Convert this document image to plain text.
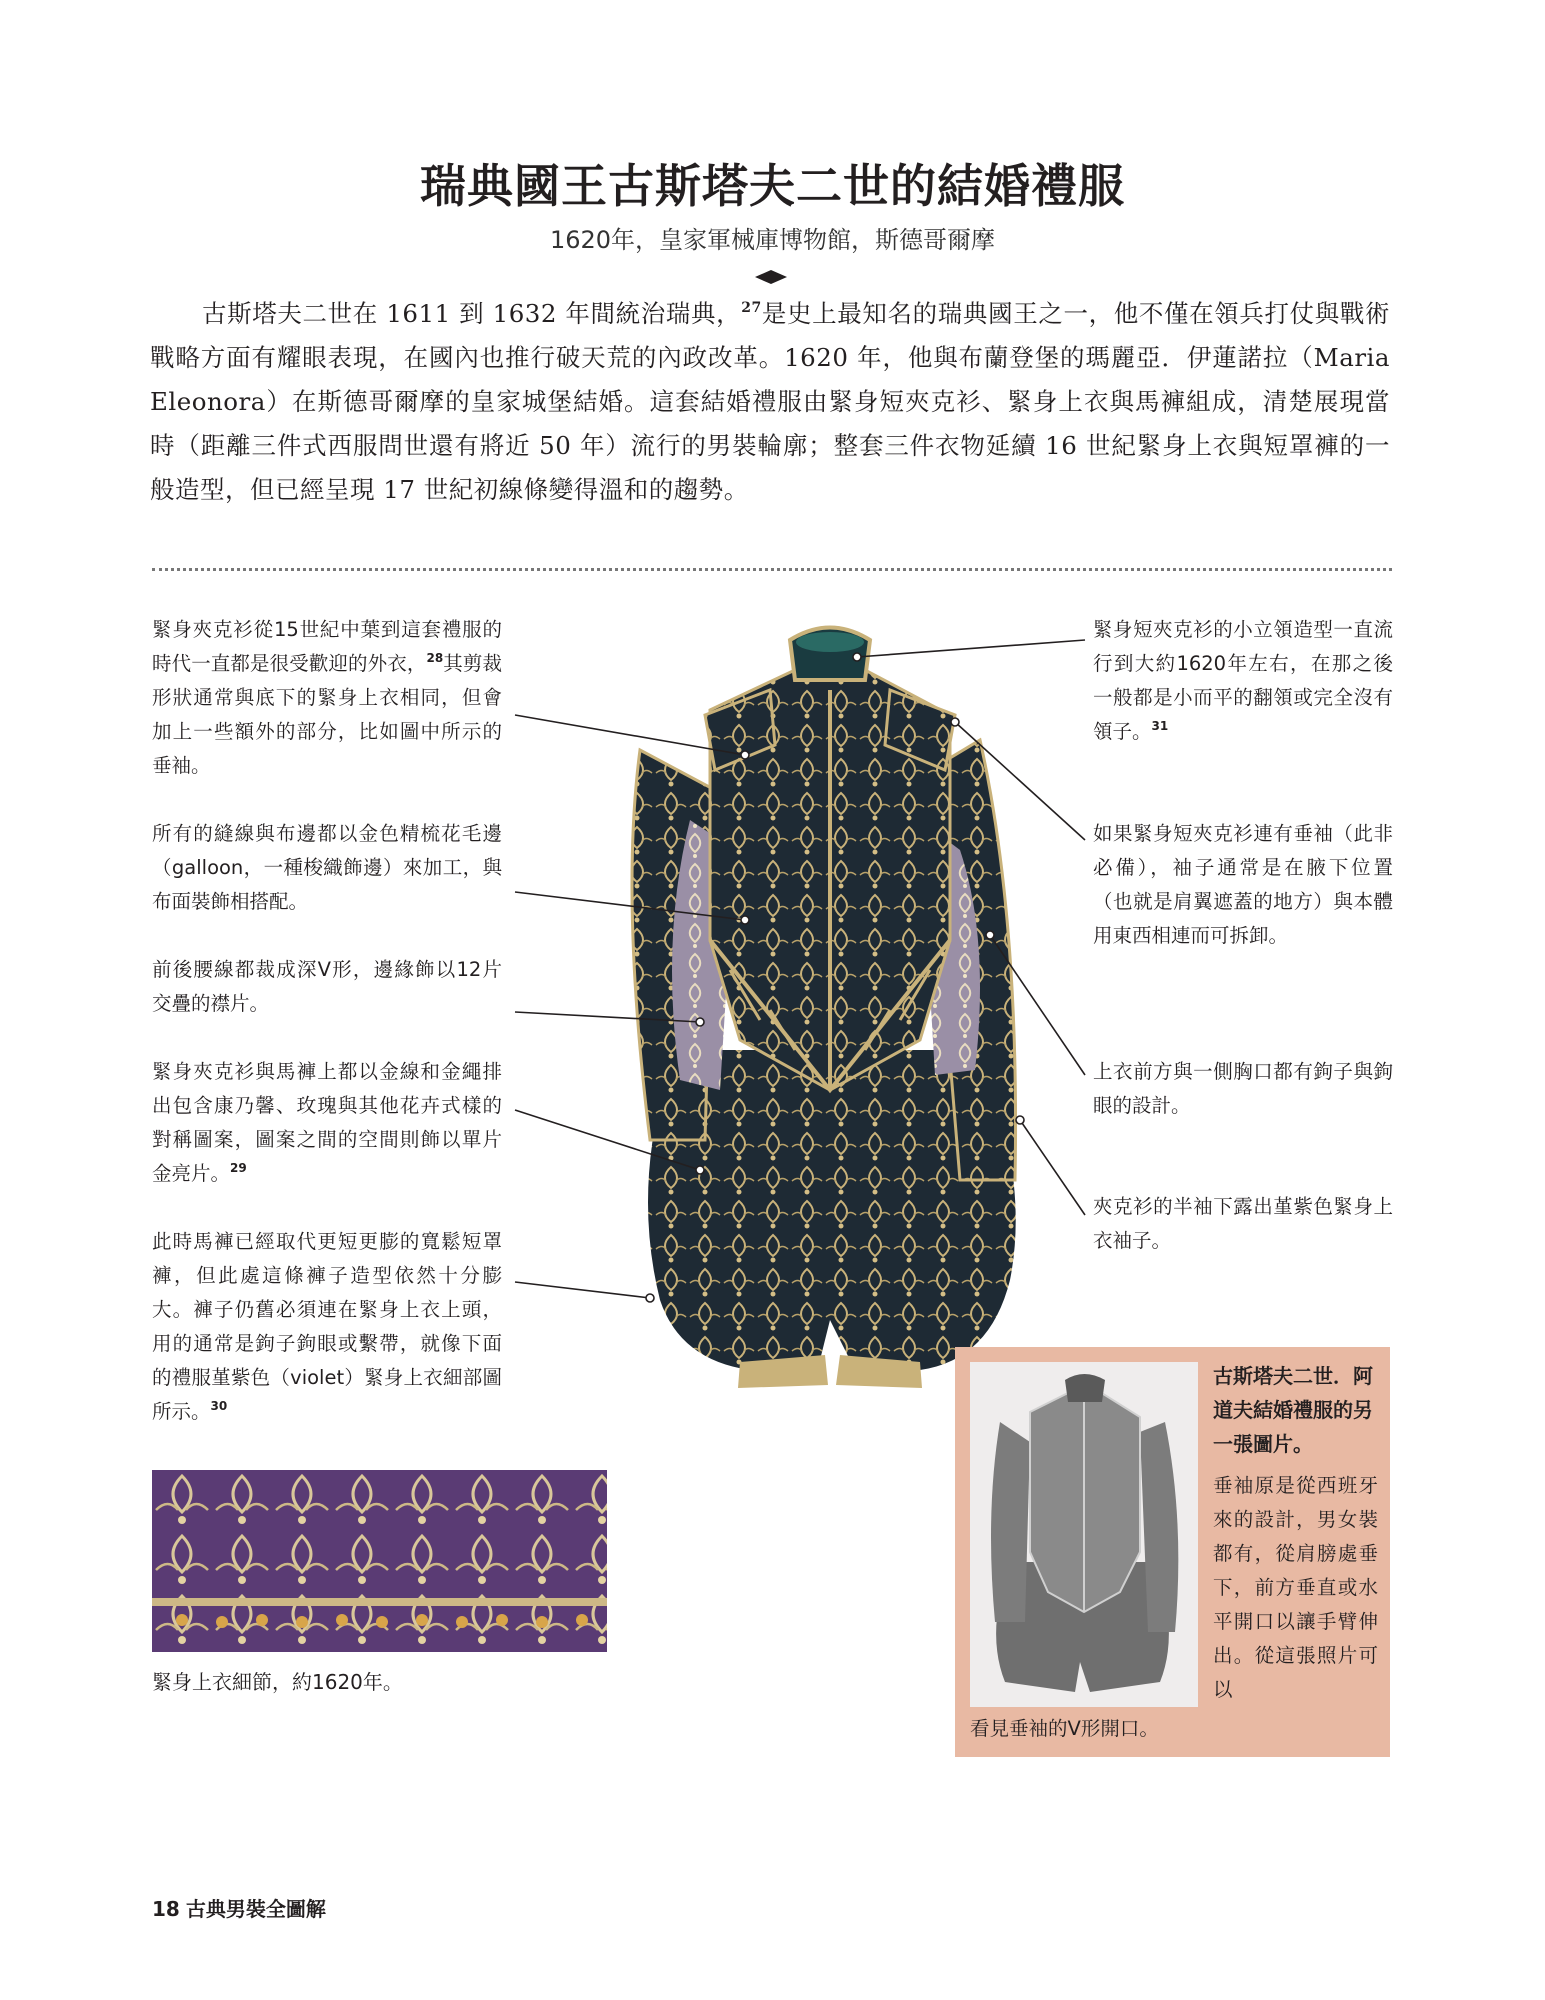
瑞典國王古斯塔夫二世的結婚禮服
1620年，皇家軍械庫博物館，斯德哥爾摩
古斯塔夫二世在 1611 到 1632 年間統治瑞典，$^{27}$是史上最知名的瑞典國王之一，他不僅在領兵打仗與戰術戰略方面有耀眼表現，在國內也推行破天荒的內政改革。1620 年，他與布蘭登堡的瑪麗亞．伊蓮諾拉（Maria Eleonora）在斯德哥爾摩的皇家城堡結婚。這套結婚禮服由緊身短夾克衫、緊身上衣與馬褲組成，清楚展現當時（距離三件式西服問世還有將近 50 年）流行的男裝輪廓；整套三件衣物延續 16 世紀緊身上衣與短罩褲的一般造型，但已經呈現 17 世紀初線條變得溫和的趨勢。
緊身夾克衫從15世紀中葉到這套禮服的時代一直都是很受歡迎的外衣，$^{28}$其剪裁形狀通常與底下的緊身上衣相同，但會加上一些額外的部分，比如圖中所示的垂袖。
所有的縫線與布邊都以金色精梳花毛邊（galloon，一種梭織飾邊）來加工，與布面裝飾相搭配。
前後腰線都裁成深V形，邊緣飾以12片交疊的襟片。
緊身夾克衫與馬褲上都以金線和金繩排出包含康乃馨、玫瑰與其他花卉式樣的對稱圖案，圖案之間的空間則飾以單片金亮片。$^{29}$
此時馬褲已經取代更短更膨的寬鬆短罩褲，但此處這條褲子造型依然十分膨大。褲子仍舊必須連在緊身上衣上頭，用的通常是鉤子鉤眼或繫帶，就像下面的禮服堇紫色（violet）緊身上衣細部圖所示。$^{30}$
緊身短夾克衫的小立領造型一直流行到大約1620年左右，在那之後一般都是小而平的翻領或完全沒有領子。$^{31}$
如果緊身短夾克衫連有垂袖（此非必備），袖子通常是在腋下位置（也就是肩翼遮蓋的地方）與本體用東西相連而可拆卸。
上衣前方與一側胸口都有鉤子與鉤眼的設計。
夾克衫的半袖下露出堇紫色緊身上衣袖子。
緊身上衣細節，約1620年。
古斯塔夫二世．阿道夫結婚禮服的另一張圖片。
垂袖原是從西班牙來的設計，男女裝都有，從肩膀處垂下，前方垂直或水平開口以讓手臂伸出。從這張照片可以
看見垂袖的V形開口。
18 古典男裝全圖解
